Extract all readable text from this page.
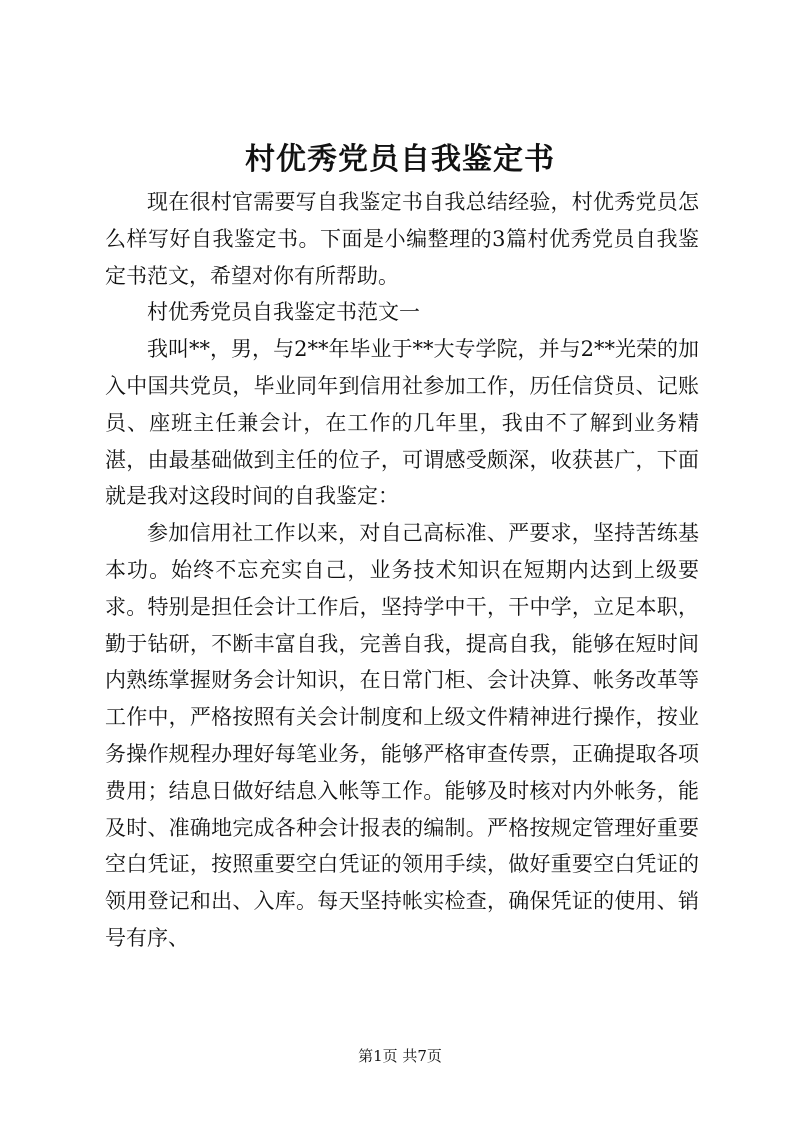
村优秀党员自我鉴定书

现在很村官需要写自我鉴定书自我总结经验，村优秀党员怎么样写好自我鉴定书。下面是小编整理的3篇村优秀党员自我鉴定书范文，希望对你有所帮助。

村优秀党员自我鉴定书范文一

我叫**，男，与2**年毕业于**大专学院，并与2**光荣的加入中国共党员，毕业同年到信用社参加工作，历任信贷员、记账员、座班主任兼会计，在工作的几年里，我由不了解到业务精湛，由最基础做到主任的位子，可谓感受颇深，收获甚广，下面就是我对这段时间的自我鉴定：

参加信用社工作以来，对自己高标准、严要求，坚持苦练基本功。始终不忘充实自己，业务技术知识在短期内达到上级要求。特别是担任会计工作后，坚持学中干，干中学，立足本职，勤于钻研，不断丰富自我，完善自我，提高自我，能够在短时间内熟练掌握财务会计知识，在日常门柜、会计决算、帐务改革等工作中，严格按照有关会计制度和上级文件精神进行操作，按业务操作规程办理好每笔业务，能够严格审查传票，正确提取各项费用；结息日做好结息入帐等工作。能够及时核对内外帐务，能及时、准确地完成各种会计报表的编制。严格按规定管理好重要空白凭证，按照重要空白凭证的领用手续，做好重要空白凭证的领用登记和出、入库。每天坚持帐实检查，确保凭证的使用、销号有序、

第1页 共7页
